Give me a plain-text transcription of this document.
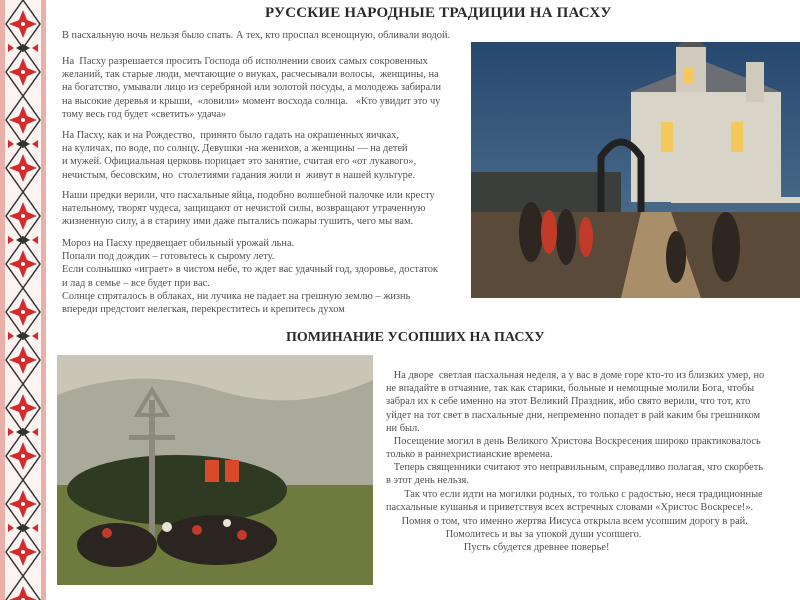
РУССКИЕ НАРОДНЫЕ ТРАДИЦИИ НА ПАСХУ

В пасхальную ночь нельзя было спать. А тех, кто проспал всенощную, обливали водой.

На  Пасху разрешается просить Господа об исполнении своих самых сокровенных
желаний, так старые люди, мечтающие о внуках, расчесывали волосы,  женщины, на
на богатство, умывали лицо из серебряной или золотой посуды, а молодежь забирали
на высокие деревья и крыши,  «ловили» момент восхода солнца.   «Кто увидит это чу
тому весь год будет «светить» удача»

На Пасху, как и на Рождество,  принято было гадать на окрашенных яичках,
на куличах, по воде, по солнцу. Девушки -на женихов, а женщины — на детей
и мужей. Официальная церковь порицает это занятие, считая его «от лукавого»,
нечистым, бесовским, но  столетиями гадания жили и  живут в нашей культуре.

Наши предки верили, что пасхальные яйца, подобно волшебной палочке или кресту
нательному, творят чудеса, защищают от нечистой силы, возвращают утраченную
жизненную силу, а в старину ими даже пытались пожары тушить, чего мы вам.

Мороз на Пасху предвещает обильный урожай льна.
Попали под дождик – готовьтесь к сырому лету.
Если солнышко «играет» в чистом небе, то ждет вас удачный год, здоровье, достаток
и лад в семье – все будет при вас.
Солнце спряталось в облаках, ни лучика не падает на грешную землю – жизнь
впереди предстоит нелегкая, перекреститесь и крепитесь духом

ПОМИНАНИЕ УСОПШИХ НА ПАСХУ

На дворе  светлая пасхальная неделя, а у вас в доме горе кто-то из близких умер, но
не впадайте в отчаяние, так как старики, больные и немощные молили Бога, чтобы
забрал их к себе именно на этот Великий Праздник, ибо свято верили, что тот, кто
уйдет на тот свет в пасхальные дни, непременно попадет в рай каким бы грешником
ни был.

Посещение могил в день Великого Христова Воскресения широко практиковалось
только в раннехристианские времена.

Теперь священники считают это неправильным, справедливо полагая, что скорбеть
в этот день нельзя.

Так что если идти на могилки родных, то только с радостью, неся традиционные
пасхальные кушанья и приветствуя всех встречных словами «Христос Воскресе!».

Помня о том, что именно жертва Иисуса открыла всем усопшим дорогу в рай.
Помолитесь и вы за упокой души усопшего.
Пусть сбудется древнее поверье!
